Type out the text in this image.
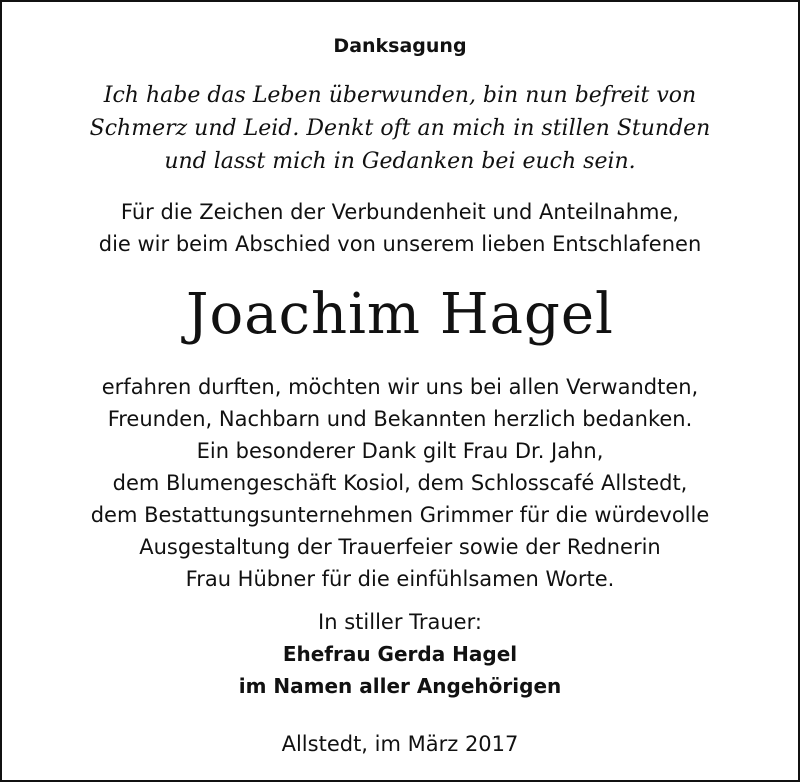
Danksagung
Ich habe das Leben überwunden, bin nun befreit von
Schmerz und Leid. Denkt oft an mich in stillen Stunden
und lasst mich in Gedanken bei euch sein.
Für die Zeichen der Verbundenheit und Anteilnahme,
die wir beim Abschied von unserem lieben Entschlafenen
Joachim Hagel
erfahren durften, möchten wir uns bei allen Verwandten,
Freunden, Nachbarn und Bekannten herzlich bedanken.
Ein besonderer Dank gilt Frau Dr. Jahn,
dem Blumengeschäft Kosiol, dem Schlosscafé Allstedt,
dem Bestattungsunternehmen Grimmer für die würdevolle
Ausgestaltung der Trauerfeier sowie der Rednerin
Frau Hübner für die einfühlsamen Worte.
In stiller Trauer:
Ehefrau Gerda Hagel
im Namen aller Angehörigen
Allstedt, im März 2017
